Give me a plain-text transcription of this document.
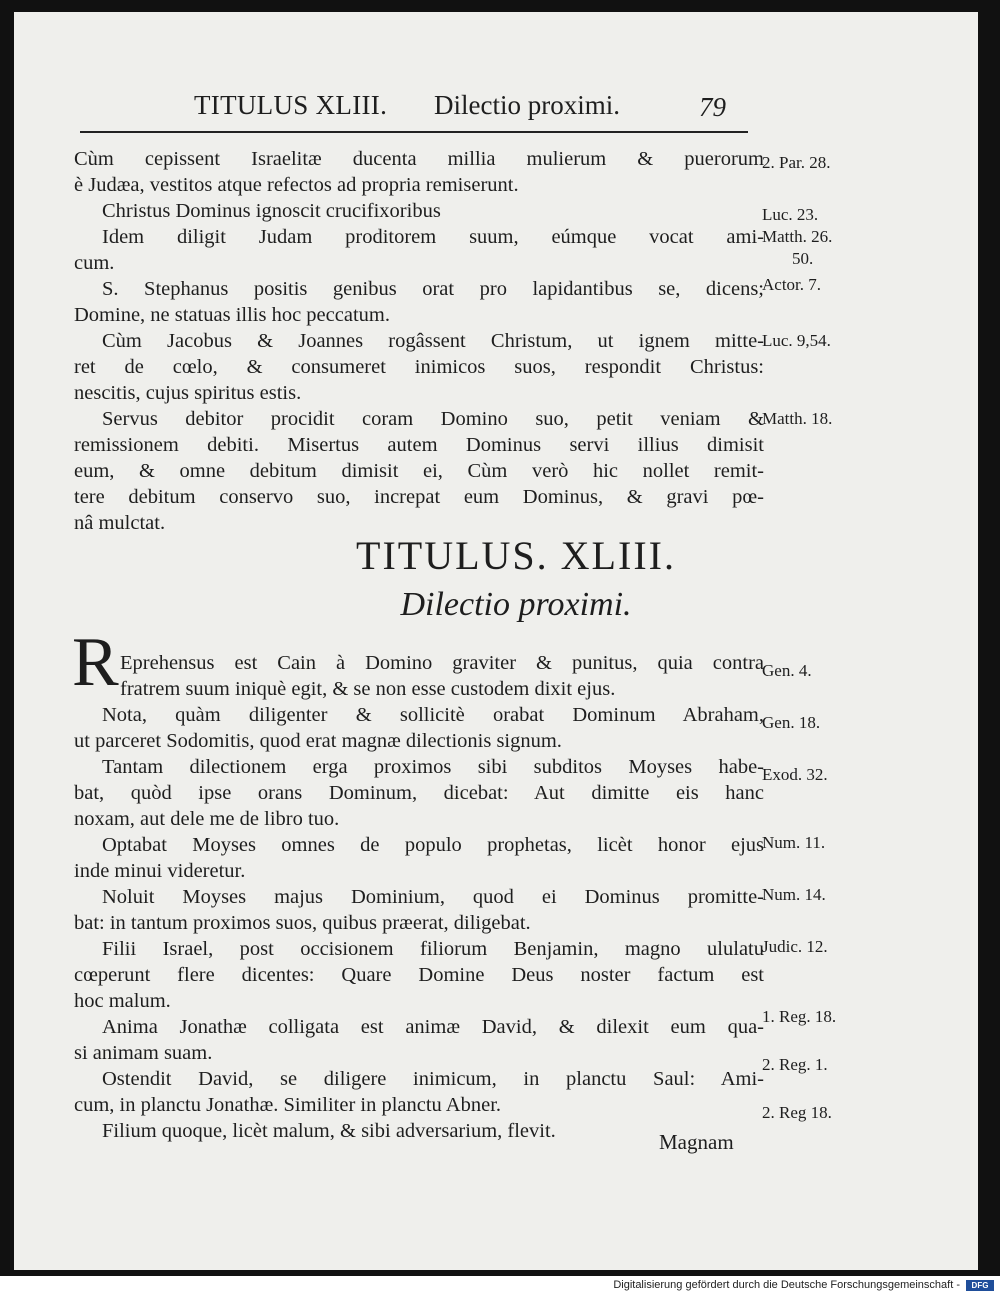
TITULUS XLIII. Dilectio proximi.	79
Cùm cepissent Israelitæ ducenta millia mulierum & puerorum
è Judæa, vestitos atque refectos ad propria remiserunt.
Christus Dominus ignoscit crucifixoribus
Idem diligit Judam proditorem suum, eúmque vocat ami-
cum.
S. Stephanus positis genibus orat pro lapidantibus se, dicens;
Domine, ne statuas illis hoc peccatum.
Cùm Jacobus & Joannes rogâssent Christum, ut ignem mitte-
ret de cœlo, & consumeret inimicos suos, respondit Christus:
nescitis, cujus spiritus estis.
Servus debitor procidit coram Domino suo, petit veniam &
remissionem debiti. Misertus autem Dominus servi illius dimisit
eum, & omne debitum dimisit ei, Cùm verò hic nollet remit-
tere debitum conservo suo, increpat eum Dominus, & gravi pœ-
nâ mulctat.
2. Par. 28.
Luc. 23.
Matth. 26.
50.
Actor. 7.
Luc. 9,54.
Matth. 18.
TITULUS. XLIII.
Dilectio proximi.
R Eprehensus est Cain à Domino graviter & punitus, quia contra
fratrem suum iniquè egit, & se non esse custodem dixit ejus.
Nota, quàm diligenter & sollicitè orabat Dominum Abraham,
ut parceret Sodomitis, quod erat magnæ dilectionis signum.
Tantam dilectionem erga proximos sibi subditos Moyses habe-
bat, quòd ipse orans Dominum, dicebat: Aut dimitte eis hanc
noxam, aut dele me de libro tuo.
Optabat Moyses omnes de populo prophetas, licèt honor ejus
inde minui videretur.
Noluit Moyses majus Dominium, quod ei Dominus promitte-
bat: in tantum proximos suos, quibus præerat, diligebat.
Filii Israel, post occisionem filiorum Benjamin, magno ululatu
cœperunt flere dicentes: Quare Domine Deus noster factum est
hoc malum.
Anima Jonathæ colligata est animæ David, & dilexit eum qua-
si animam suam.
Ostendit David, se diligere inimicum, in planctu Saul: Ami-
cum, in planctu Jonathæ. Similiter in planctu Abner.
Filium quoque, licèt malum, & sibi adversarium, flevit.
Gen. 4.
Gen. 18.
Exod. 32.
Num. 11.
Num. 14.
Judic. 12.
1. Reg. 18.
2. Reg. 1.
2. Reg 18.
Magnam
Digitalisierung gefördert durch die Deutsche Forschungsgemeinschaft -	DFG
